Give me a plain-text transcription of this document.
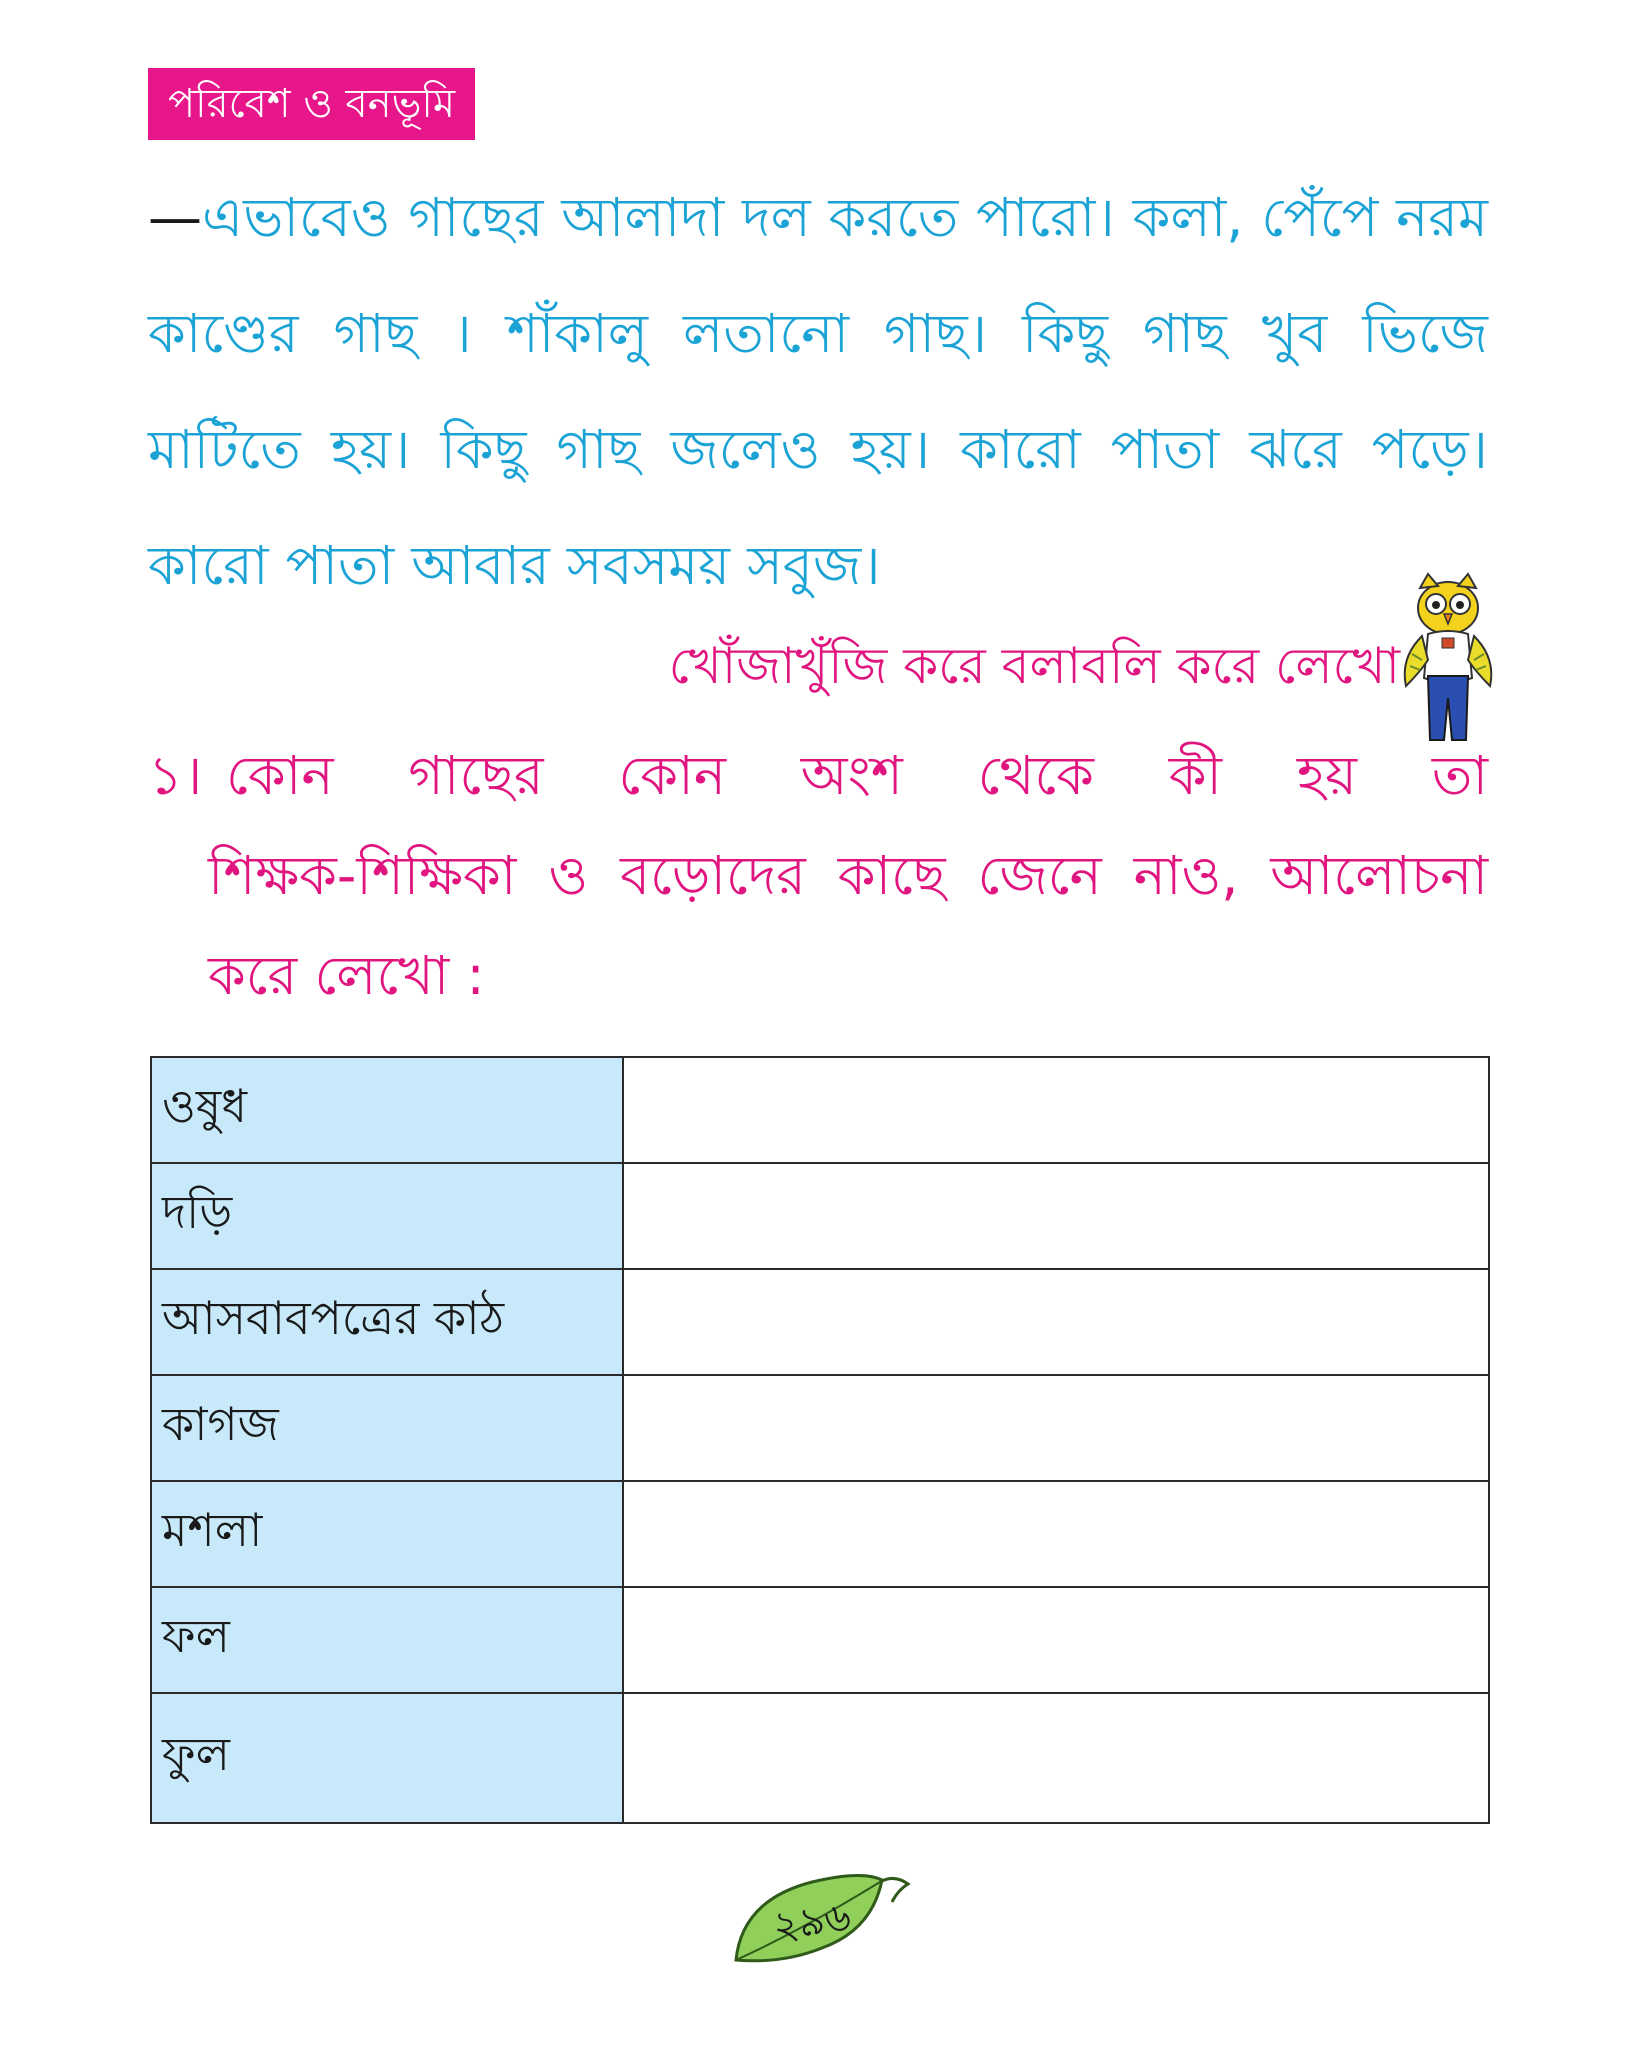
পরিবেশ ও বনভূমি
—এভাবেও গাছের আলাদা দল করতে পারো। কলা, পেঁপে নরম কাণ্ডের গাছ । শাঁকালু লতানো গাছ। কিছু গাছ খুব ভিজে মাটিতে হয়। কিছু গাছ জলেও হয়। কারো পাতা ঝরে পড়ে। কারো পাতা আবার সবসময় সবুজ।
খোঁজাখুঁজি করে বলাবলি করে লেখো
১। কোন গাছের কোন অংশ থেকে কী হয় তা
শিক্ষক-শিক্ষিকা ও বড়োদের কাছে জেনে নাও, আলোচনা করে লেখো :
ওষুধ	
দড়ি	
আসবাবপত্রের কাঠ	
কাগজ	
মশলা	
ফল	
ফুল	
২৯৬
